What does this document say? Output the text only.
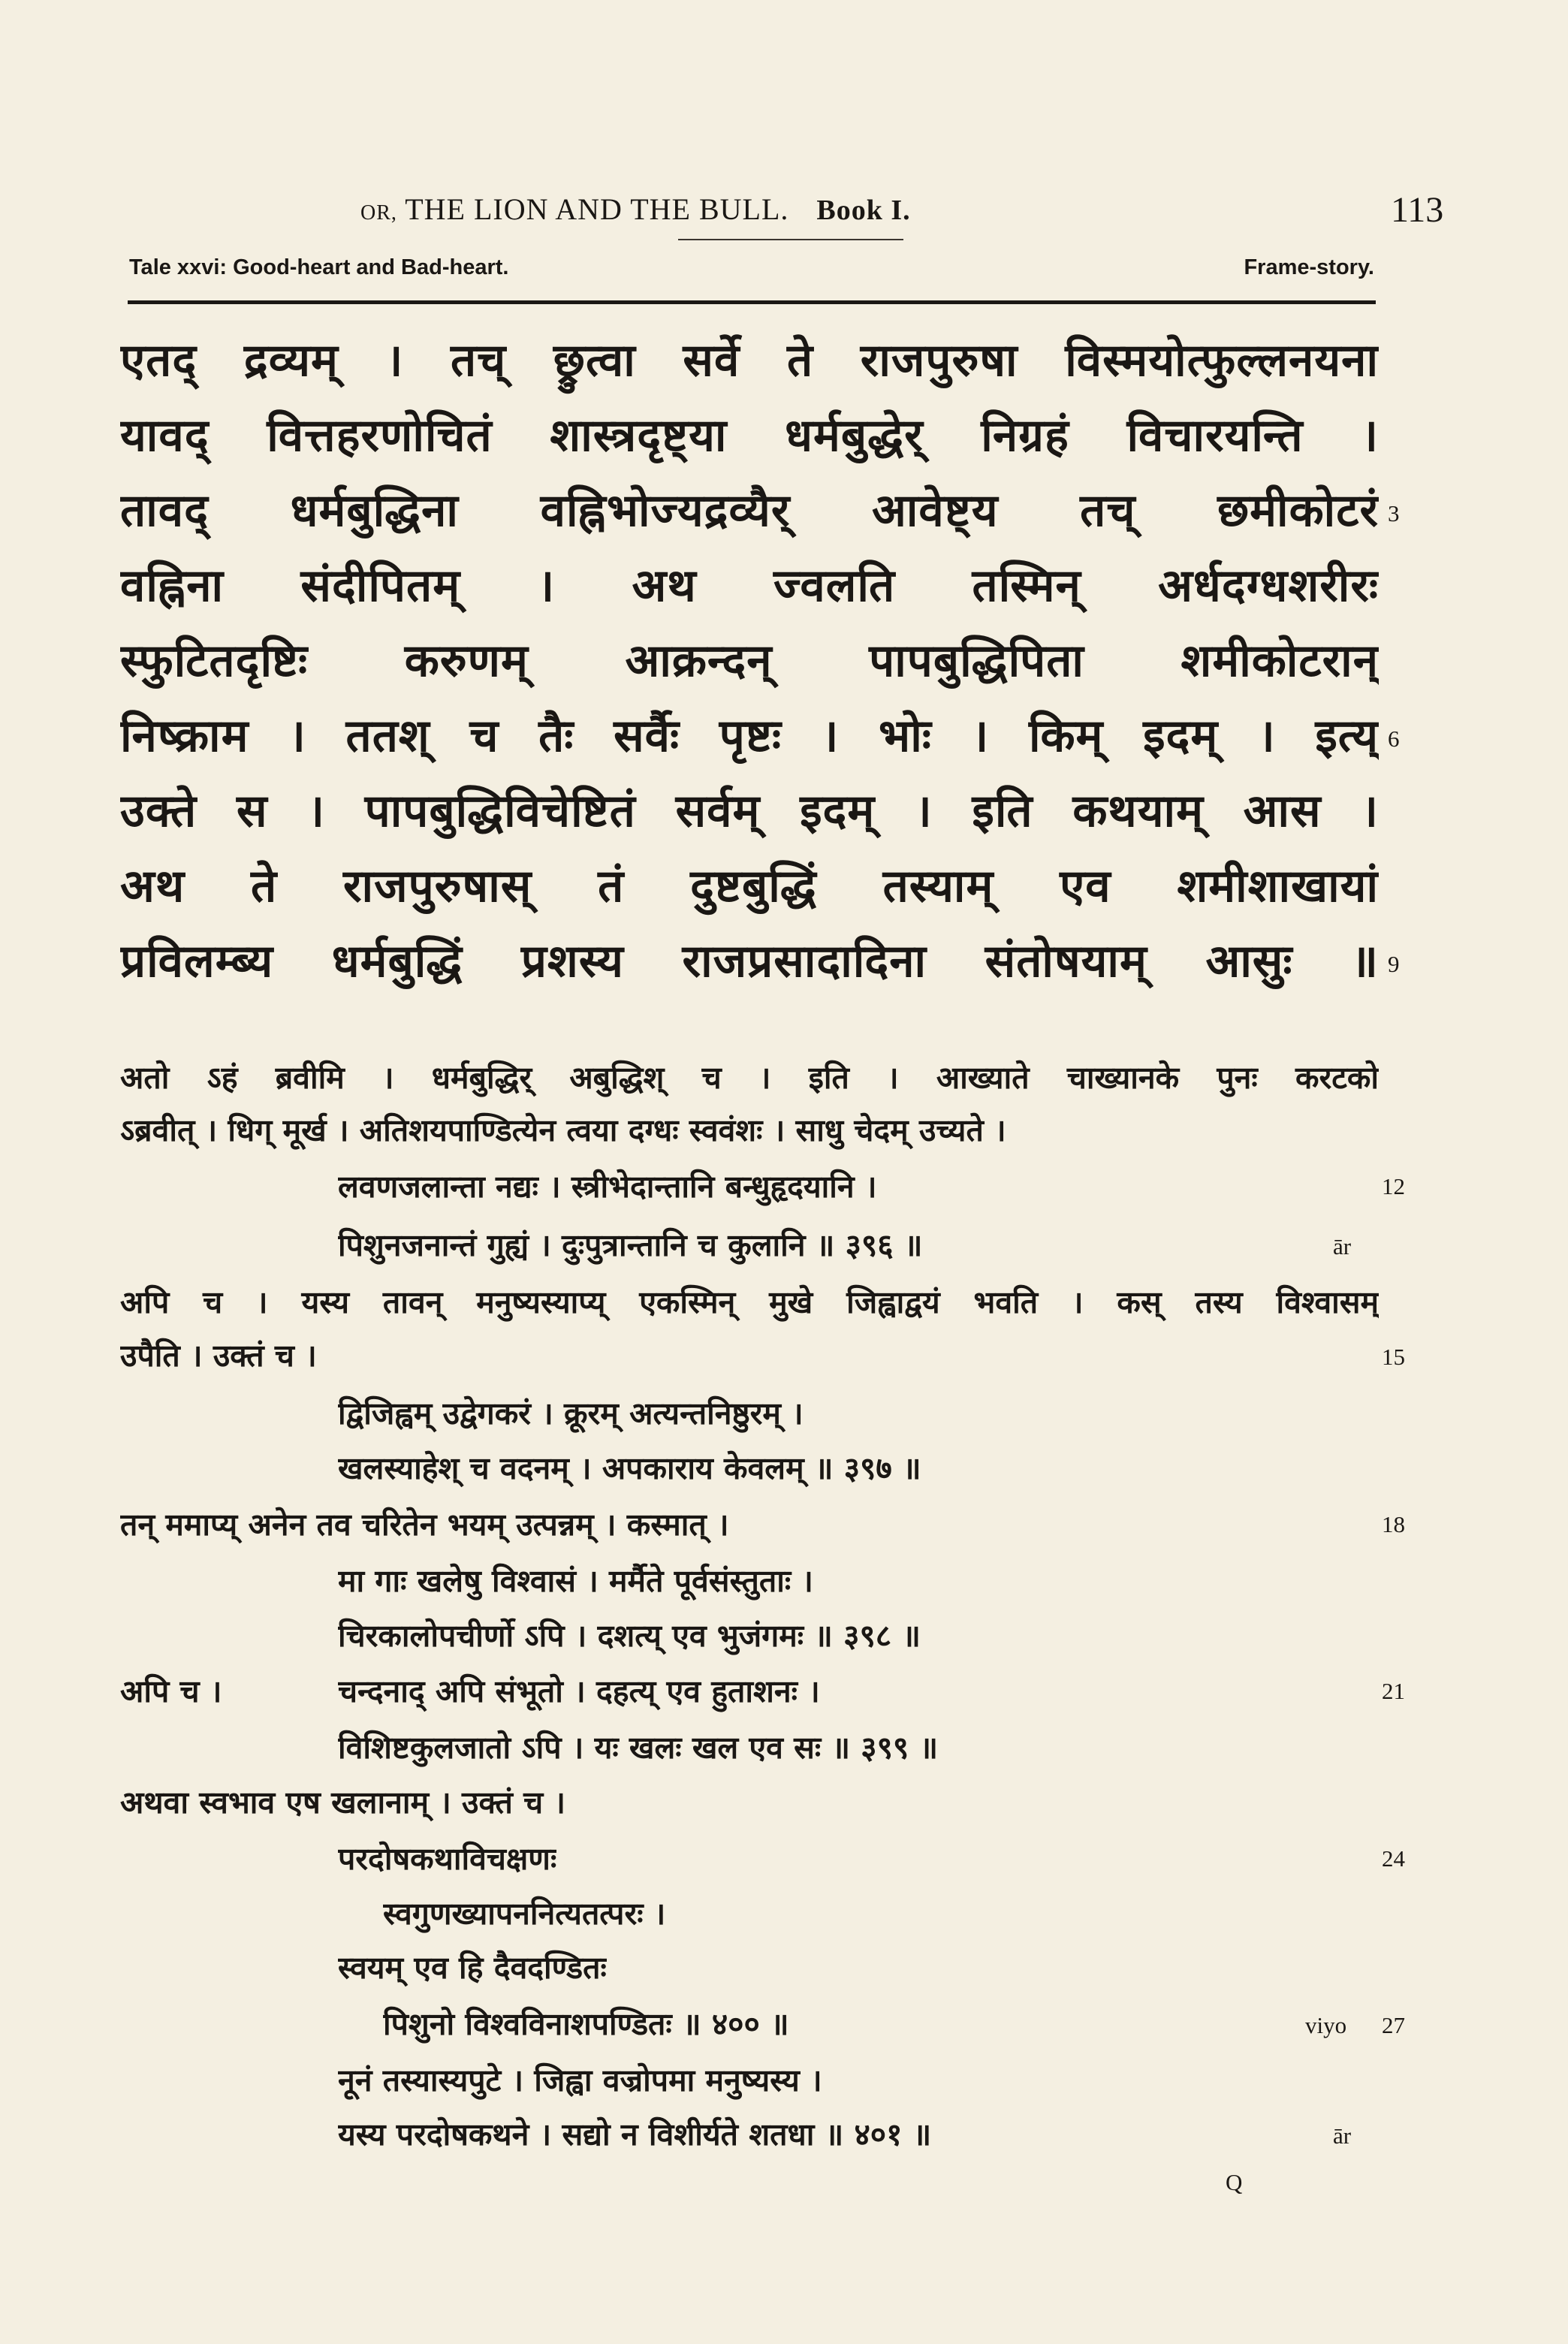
OR, THE LION AND THE BULL. Book I.	113
Tale xxvi: Good-heart and Bad-heart.	Frame-story.
एतद् द्रव्यम् । तच् छ्रुत्वा सर्वे ते राजपुरुषा विस्मयोत्फुल्लनयना
यावद् वित्तहरणोचितं शास्त्रदृष्ट्या धर्मबुद्धेर् निग्रहं विचारयन्ति ।
तावद् धर्मबुद्धिना वह्निभोज्यद्रव्यैर् आवेष्ट्य तच् छमीकोटरं
वह्निना संदीपितम् । अथ ज्वलति तस्मिन् अर्धदग्धशरीरः
स्फुटितदृष्टिः करुणम् आक्रन्दन् पापबुद्धिपिता शमीकोटरान्
निष्क्राम । ततश् च तैः सर्वैः पृष्टः । भोः । किम् इदम् । इत्य्
उक्ते स । पापबुद्धिविचेष्टितं सर्वम् इदम् । इति कथयाम् आस ।
अथ ते राजपुरुषास् तं दुष्टबुद्धिं तस्याम् एव शमीशाखायां
प्रविलम्ब्य धर्मबुद्धिं प्रशस्य राजप्रसादादिना संतोषयाम् आसुः ॥
3
6
9
अतो ऽहं ब्रवीमि । धर्मबुद्धिर् अबुद्धिश् च । इति । आख्याते चाख्यानके पुनः करटको
ऽब्रवीत् । धिग् मूर्ख । अतिशयपाण्डित्येन त्वया दग्धः स्ववंशः । साधु चेदम् उच्यते ।
लवणजलान्ता नद्यः । स्त्रीभेदान्तानि बन्धुहृदयानि ।	12
पिशुनजनान्तं गुह्यं । दुःपुत्रान्तानि च कुलानि ॥ ३९६ ॥	ār
अपि च । यस्य तावन् मनुष्यस्याप्य् एकस्मिन् मुखे जिह्वाद्वयं भवति । कस् तस्य विश्वासम्
उपैति । उक्तं च ।	15
द्विजिह्वम् उद्वेगकरं । क्रूरम् अत्यन्तनिष्ठुरम् ।
खलस्याहेश् च वदनम् । अपकाराय केवलम् ॥ ३९७ ॥
तन् ममाप्य् अनेन तव चरितेन भयम् उत्पन्नम् । कस्मात् ।	18
मा गाः खलेषु विश्वासं । मर्मैते पूर्वसंस्तुताः ।
चिरकालोपचीर्णो ऽपि । दशत्य् एव भुजंगमः ॥ ३९८ ॥
अपि च ।	चन्दनाद् अपि संभूतो । दहत्य् एव हुताशनः ।	21
विशिष्टकुलजातो ऽपि । यः खलः खल एव सः ॥ ३९९ ॥
अथवा स्वभाव एष खलानाम् । उक्तं च ।
परदोषकथाविचक्षणः	24
स्वगुणख्यापननित्यतत्परः ।
स्वयम् एव हि दैवदण्डितः
पिशुनो विश्वविनाशपण्डितः ॥ ४०० ॥	viyo 27
नूनं तस्यास्यपुटे । जिह्वा वज्रोपमा मनुष्यस्य ।
यस्य परदोषकथने । सद्यो न विशीर्यते शतधा ॥ ४०१ ॥	ār
Q
